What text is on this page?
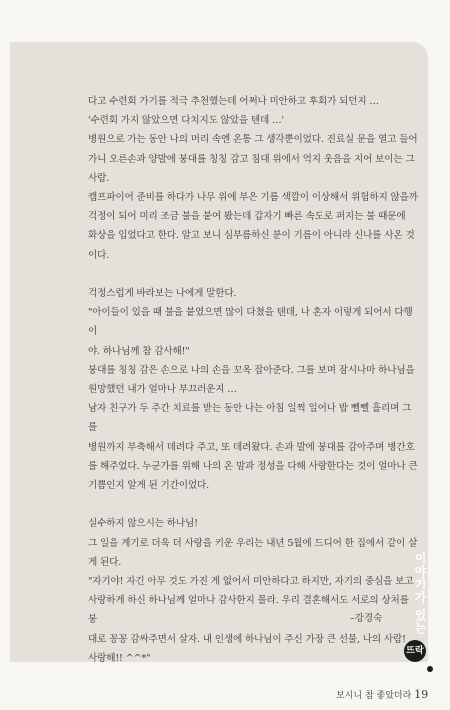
다고 수련회 가기를 적극 추천했는데 어쩌나 미안하고 후회가 되던지 …

'수련회 가지 않았으면 다치지도 않았을 텐데 …'

병원으로 가는 동안 나의 머리 속엔 온통 그 생각뿐이었다. 진료실 문을 열고 들어

가니 오른손과 양발에 붕대를 칭칭 감고 침대 위에서 억지 웃음을 지어 보이는 그

사람.

캠프파이어 준비를 하다가 나무 위에 부은 기름 색깔이 이상해서 위험하지 않을까

걱정이 되어 미리 조금 불을 붙여 봤는데 갑자기 빠른 속도로 퍼지는 불 때문에

화상을 입었다고 한다. 알고 보니 심부름하신 분이 기름이 아니라 신나를 사온 것

이다.

걱정스럽게 바라보는 나에게 말한다.

"아이들이 있을 때 불을 붙였으면 많이 다쳤을 텐데, 나 혼자 이렇게 되어서 다행이

야. 하나님께 참 감사해!"

붕대를 칭칭 감은 손으로 나의 손을 꼬옥 잡아준다. 그를 보며 잠시나마 하나님을

원망했던 내가 얼마나 부끄러운지 …

남자 친구가 두 주간 치료를 받는 동안 나는 아침 일찍 일어나 밥 뻴뻴 흘리며 그를

병원까지 부축해서 데려다 주고, 또 데려왔다. 손과 발에 붕대를 감아주며 병간호

를 해주었다. 누군가를 위해 나의 온 맘과 정성을 다해 사랑한다는 것이 얼마나 큰

기쁨인지 알게 된 기간이었다.

실수하지 않으시는 하나님!

그 일을 계기로 더욱 더 사랑을 키운 우리는 내년 5월에 드디어 한 집에서 같이 살

게 된다.

"자기야! 자긴 아무 것도 가진 게 없어서 미안하다고 하지만, 자기의 중심을 보고

사랑하게 하신 하나님께 얼마나 감사한지 몰라. 우리 결혼해서도 서로의 상처를 붕

대로 꽁꽁 감싸주면서 살자. 내 인생에 하나님이 주신 가장 큰 선물, 나의 사람!

사랑해!! ^^*"

–강경숙	이야기가 있는
뜨락
보시니 참 좋았더라 19
